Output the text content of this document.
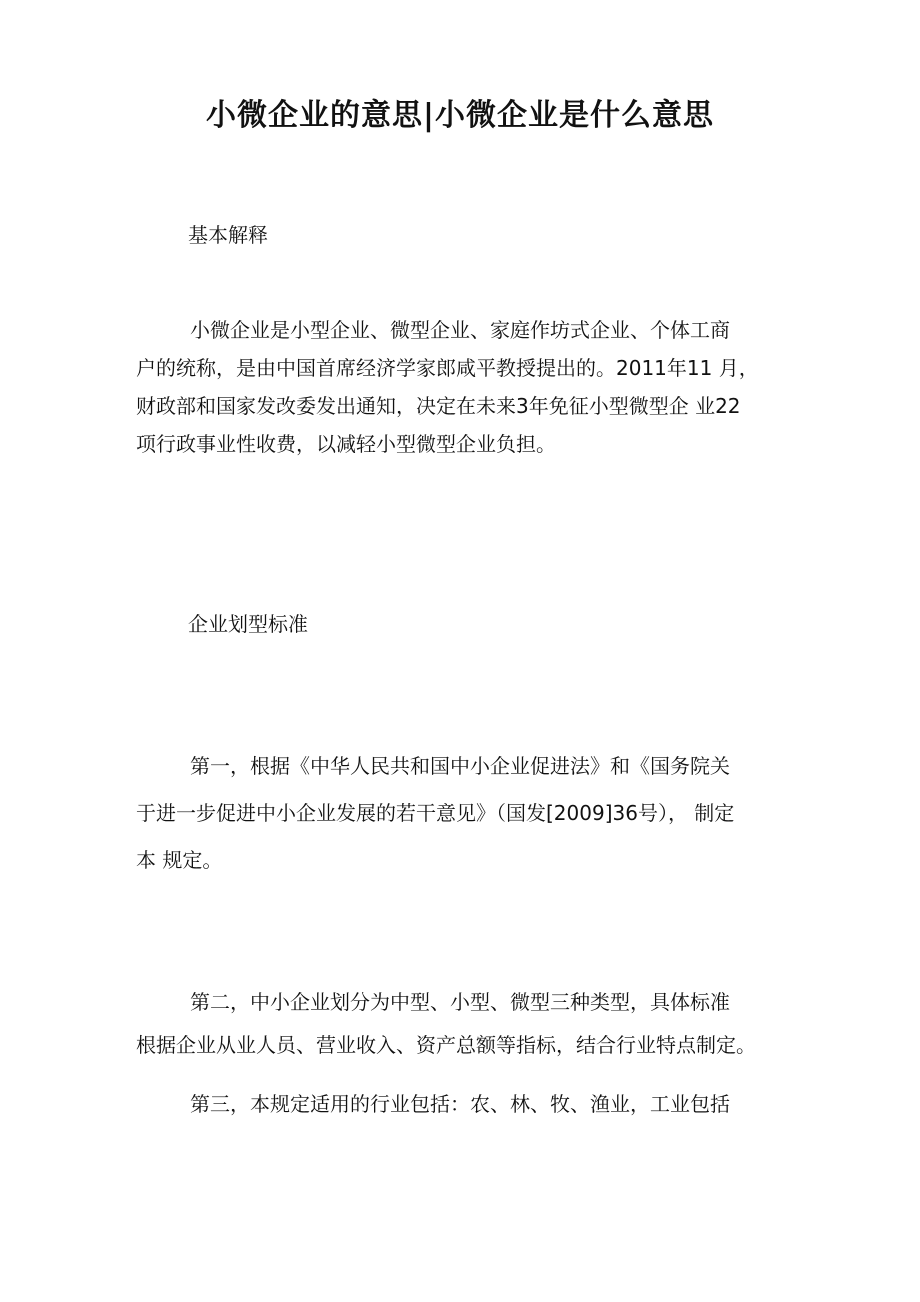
小微企业的意思|小微企业是什么意思
基本解释
小微企业是小型企业、微型企业、家庭作坊式企业、个体工商
户的统称，是由中国首席经济学家郎咸平教授提出的。2011年11 月，
财政部和国家发改委发出通知，决定在未来3年免征小型微型企 业22
项行政事业性收费，以减轻小型微型企业负担。
企业划型标准
第一，根据《中华人民共和国中小企业促进法》和《国务院关
于进一步促进中小企业发展的若干意见》（国发[2009]36号）， 制定
本 规定。
第二，中小企业划分为中型、小型、微型三种类型，具体标准
根据企业从业人员、营业收入、资产总额等指标，结合行业特点制定。
第三，本规定适用的行业包括：农、林、牧、渔业，工业包括
